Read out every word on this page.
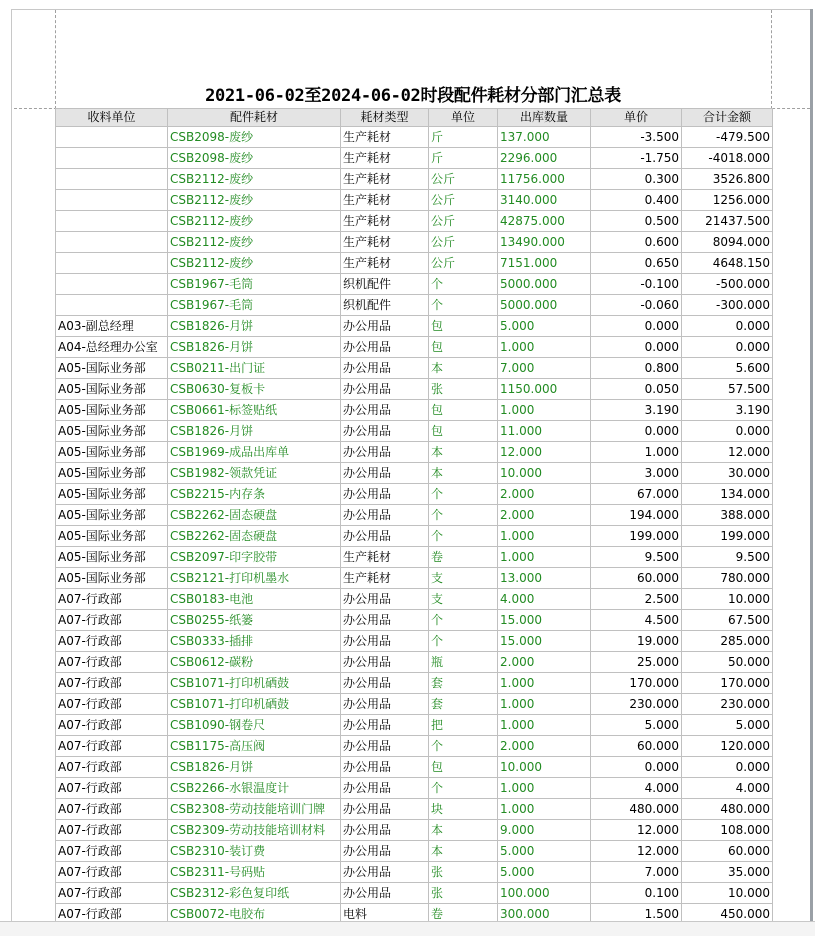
2021-06-02至2024-06-02时段配件耗材分部门汇总表
收料单位	配件耗材	耗材类型	单位	出库数量	单价	合计金额
	CSB2098-废纱	生产耗材	斤	137.000	-3.500	-479.500
	CSB2098-废纱	生产耗材	斤	2296.000	-1.750	-4018.000
	CSB2112-废纱	生产耗材	公斤	11756.000	0.300	3526.800
	CSB2112-废纱	生产耗材	公斤	3140.000	0.400	1256.000
	CSB2112-废纱	生产耗材	公斤	42875.000	0.500	21437.500
	CSB2112-废纱	生产耗材	公斤	13490.000	0.600	8094.000
	CSB2112-废纱	生产耗材	公斤	7151.000	0.650	4648.150
	CSB1967-毛筒	织机配件	个	5000.000	-0.100	-500.000
	CSB1967-毛筒	织机配件	个	5000.000	-0.060	-300.000
A03-副总经理	CSB1826-月饼	办公用品	包	5.000	0.000	0.000
A04-总经理办公室	CSB1826-月饼	办公用品	包	1.000	0.000	0.000
A05-国际业务部	CSB0211-出门证	办公用品	本	7.000	0.800	5.600
A05-国际业务部	CSB0630-复板卡	办公用品	张	1150.000	0.050	57.500
A05-国际业务部	CSB0661-标签贴纸	办公用品	包	1.000	3.190	3.190
A05-国际业务部	CSB1826-月饼	办公用品	包	11.000	0.000	0.000
A05-国际业务部	CSB1969-成品出库单	办公用品	本	12.000	1.000	12.000
A05-国际业务部	CSB1982-领款凭证	办公用品	本	10.000	3.000	30.000
A05-国际业务部	CSB2215-内存条	办公用品	个	2.000	67.000	134.000
A05-国际业务部	CSB2262-固态硬盘	办公用品	个	2.000	194.000	388.000
A05-国际业务部	CSB2262-固态硬盘	办公用品	个	1.000	199.000	199.000
A05-国际业务部	CSB2097-印字胶带	生产耗材	卷	1.000	9.500	9.500
A05-国际业务部	CSB2121-打印机墨水	生产耗材	支	13.000	60.000	780.000
A07-行政部	CSB0183-电池	办公用品	支	4.000	2.500	10.000
A07-行政部	CSB0255-纸篓	办公用品	个	15.000	4.500	67.500
A07-行政部	CSB0333-插排	办公用品	个	15.000	19.000	285.000
A07-行政部	CSB0612-碳粉	办公用品	瓶	2.000	25.000	50.000
A07-行政部	CSB1071-打印机硒鼓	办公用品	套	1.000	170.000	170.000
A07-行政部	CSB1071-打印机硒鼓	办公用品	套	1.000	230.000	230.000
A07-行政部	CSB1090-钢卷尺	办公用品	把	1.000	5.000	5.000
A07-行政部	CSB1175-高压阀	办公用品	个	2.000	60.000	120.000
A07-行政部	CSB1826-月饼	办公用品	包	10.000	0.000	0.000
A07-行政部	CSB2266-水银温度计	办公用品	个	1.000	4.000	4.000
A07-行政部	CSB2308-劳动技能培训门牌	办公用品	块	1.000	480.000	480.000
A07-行政部	CSB2309-劳动技能培训材料	办公用品	本	9.000	12.000	108.000
A07-行政部	CSB2310-装订费	办公用品	本	5.000	12.000	60.000
A07-行政部	CSB2311-号码贴	办公用品	张	5.000	7.000	35.000
A07-行政部	CSB2312-彩色复印纸	办公用品	张	100.000	0.100	10.000
A07-行政部	CSB0072-电胶布	电料	卷	300.000	1.500	450.000
